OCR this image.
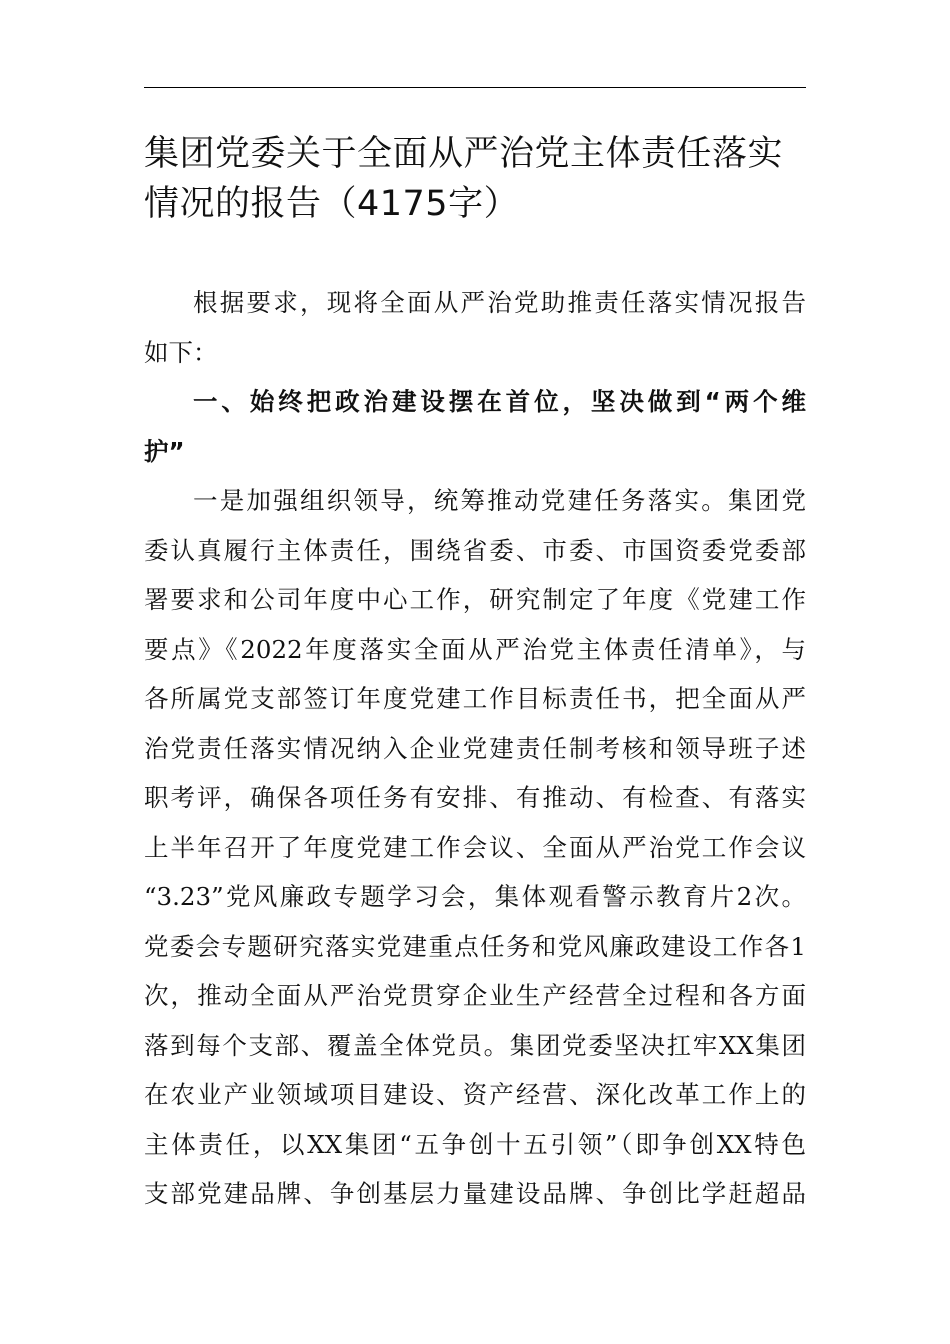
集团党委关于全面从严治党主体责任落实
情况的报告（4175字）
根据要求，现将全面从严治党助推责任落实情况报告
如下：
一、始终把政治建设摆在首位，坚决做到“两个维
护”
一是加强组织领导，统筹推动党建任务落实。集团党
委认真履行主体责任，围绕省委、市委、市国资委党委部
署要求和公司年度中心工作，研究制定了年度《党建工作
要点》《2022年度落实全面从严治党主体责任清单》，与
各所属党支部签订年度党建工作目标责任书，把全面从严
治党责任落实情况纳入企业党建责任制考核和领导班子述
职考评，确保各项任务有安排、有推动、有检查、有落实
上半年召开了年度党建工作会议、全面从严治党工作会议
“3.23”党风廉政专题学习会，集体观看警示教育片2次。
党委会专题研究落实党建重点任务和党风廉政建设工作各1
次，推动全面从严治党贯穿企业生产经营全过程和各方面
落到每个支部、覆盖全体党员。集团党委坚决扛牢XX集团
在农业产业领域项目建设、资产经营、深化改革工作上的
主体责任，以XX集团“五争创十五引领”（即争创XX特色
支部党建品牌、争创基层力量建设品牌、争创比学赶超品
